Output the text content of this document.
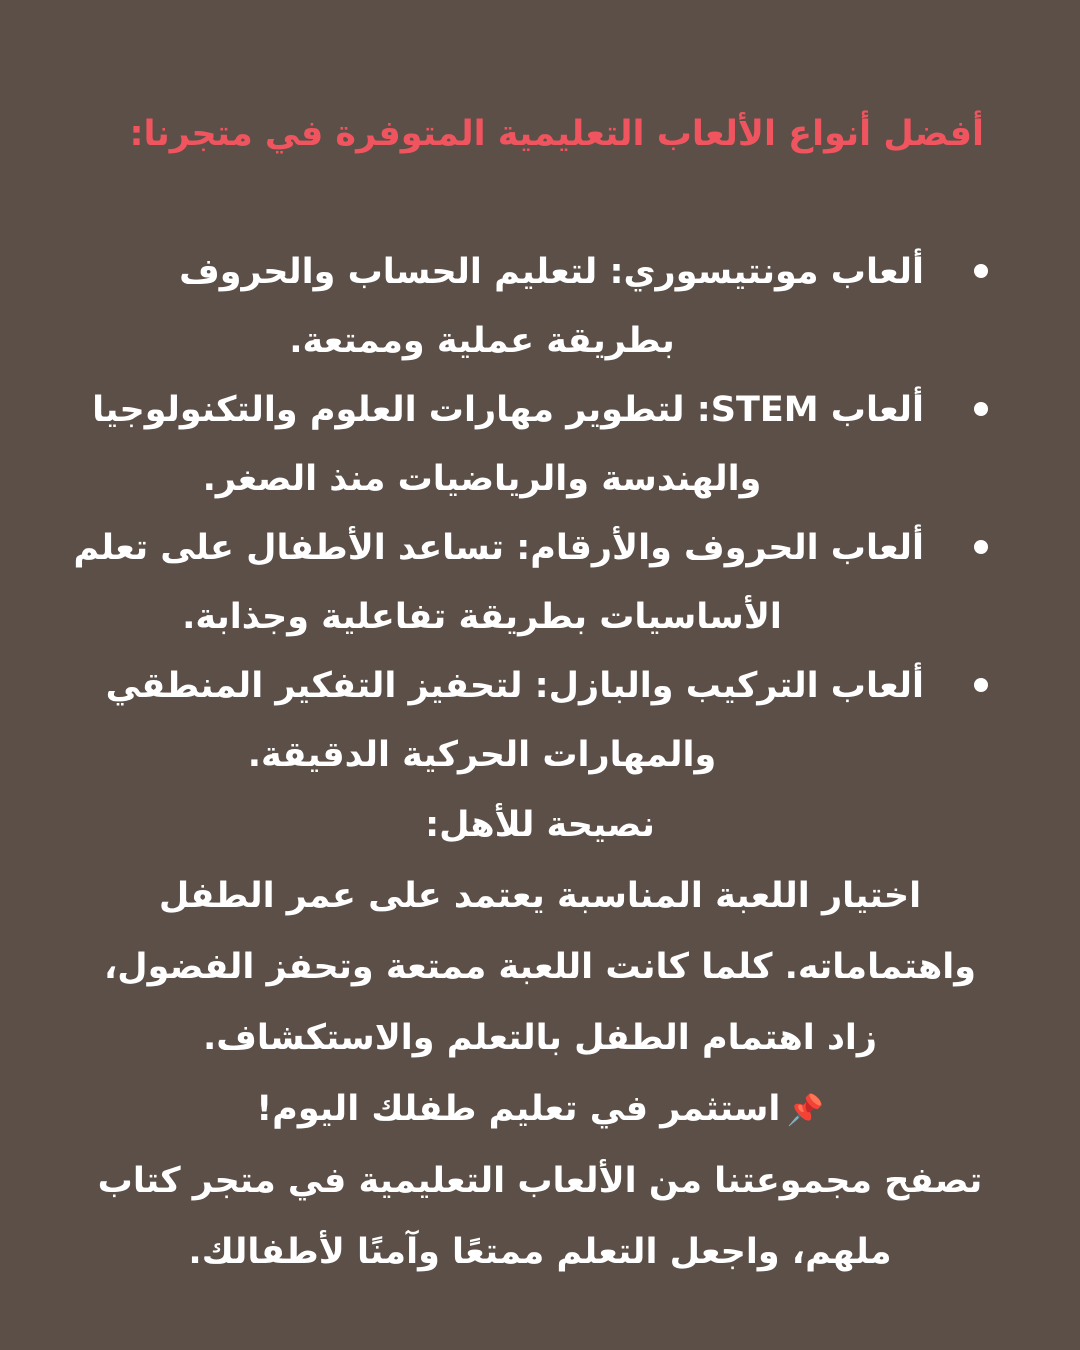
أفضل أنواع الألعاب التعليمية المتوفرة في متجرنا:
ألعاب مونتيسوري: لتعليم الحساب والحروف
بطريقة عملية وممتعة.
ألعاب STEM: لتطوير مهارات العلوم والتكنولوجيا
والهندسة والرياضيات منذ الصغر.
ألعاب الحروف والأرقام: تساعد الأطفال على تعلم
الأساسيات بطريقة تفاعلية وجذابة.
ألعاب التركيب والبازل: لتحفيز التفكير المنطقي
والمهارات الحركية الدقيقة.
نصيحة للأهل:
اختيار اللعبة المناسبة يعتمد على عمر الطفل
واهتماماته. كلما كانت اللعبة ممتعة وتحفز الفضول،
زاد اهتمام الطفل بالتعلم والاستكشاف.
📌استثمر في تعليم طفلك اليوم!
تصفح مجموعتنا من الألعاب التعليمية في متجر كتاب
ملهم، واجعل التعلم ممتعًا وآمنًا لأطفالك.
